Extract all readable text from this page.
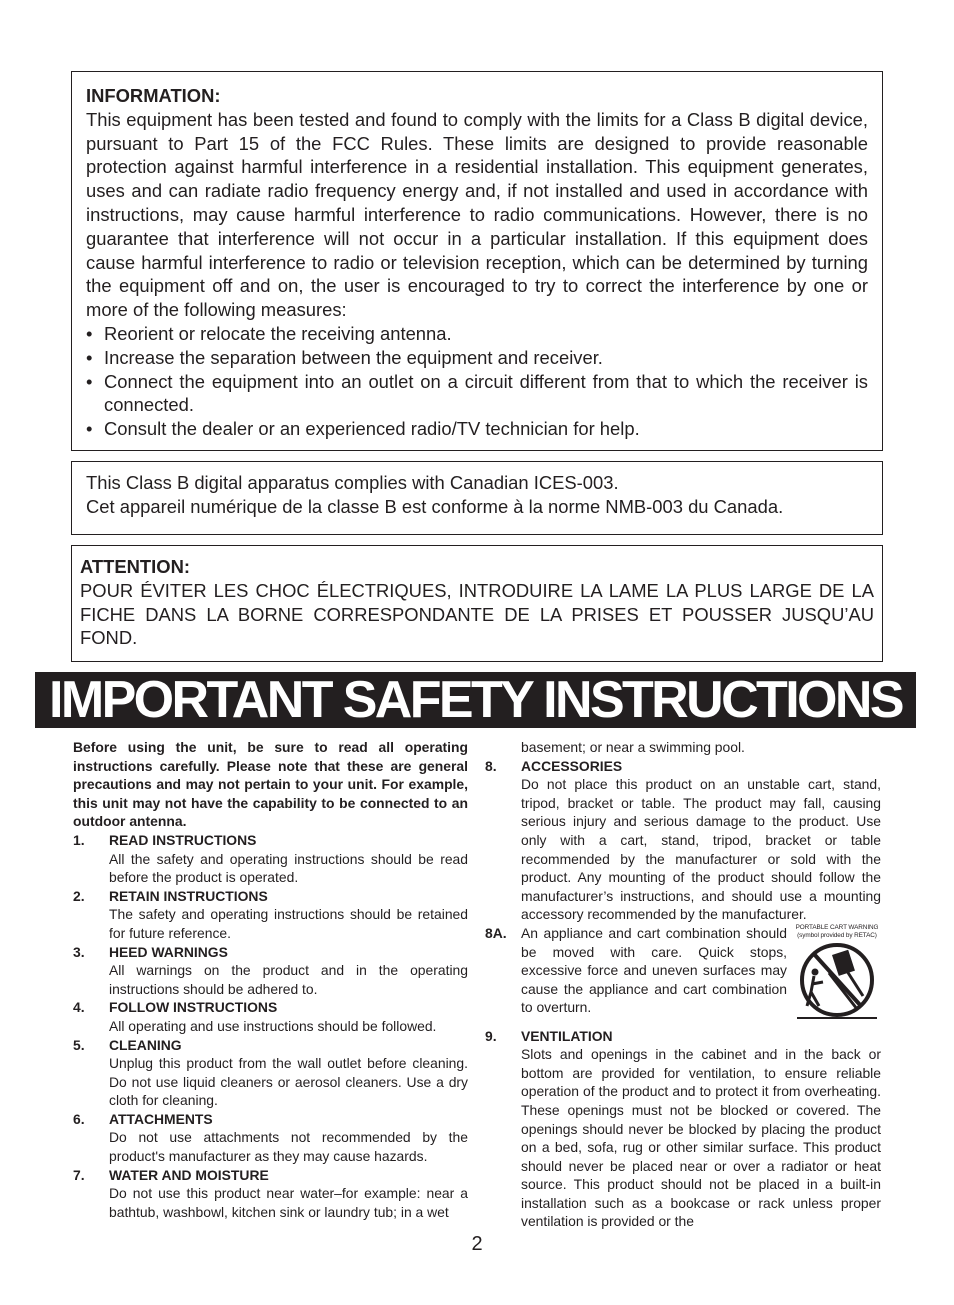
INFORMATION:
This equipment has been tested and found to comply with the limits for a Class B digital device, pursuant to Part 15 of the FCC Rules. These limits are designed to provide reasonable protection against harmful interference in a residential installation. This equipment generates, uses and can radiate radio frequency energy and, if not installed and used in accordance with instructions, may cause harmful interference to radio communications. However, there is no guarantee that interference will not occur in a particular installation. If this equipment does cause harmful interference to radio or television reception, which can be determined by turning the equipment off and on, the user is encouraged to try to correct the interference by one or more of the following measures:
• Reorient or relocate the receiving antenna.
• Increase the separation between the equipment and receiver.
• Connect the equipment into an outlet on a circuit different from that to which the receiver is connected.
• Consult the dealer or an experienced radio/TV technician for help.
This Class B digital apparatus complies with Canadian ICES-003.
Cet appareil numérique de la classe B est conforme à la norme NMB-003 du Canada.
ATTENTION:
POUR ÉVITER LES CHOC ÉLECTRIQUES, INTRODUIRE LA LAME LA PLUS LARGE DE LA FICHE DANS LA BORNE CORRESPONDANTE DE LA PRISES ET POUSSER JUSQU’AU FOND.
IMPORTANT SAFETY INSTRUCTIONS
Before using the unit, be sure to read all operating instructions carefully. Please note that these are general precautions and may not pertain to your unit. For example, this unit may not have the capability to be connected to an outdoor antenna.
1.	READ INSTRUCTIONS
All the safety and operating instructions should be read before the product is operated.
2.	RETAIN INSTRUCTIONS
The safety and operating instructions should be retained for future reference.
3.	HEED WARNINGS
All warnings on the product and in the operating instructions should be adhered to.
4.	FOLLOW INSTRUCTIONS
All operating and use instructions should be followed.
5.	CLEANING
Unplug this product from the wall outlet before cleaning. Do not use liquid cleaners or aerosol cleaners. Use a dry cloth for cleaning.
6.	ATTACHMENTS
Do not use attachments not recommended by the product's manufacturer as they may cause hazards.
7.	WATER AND MOISTURE
Do not use this product near water–for example: near a bathtub, washbowl, kitchen sink or laundry tub; in a wet
basement; or near a swimming pool.
8.	ACCESSORIES
Do not place this product on an unstable cart, stand, tripod, bracket or table. The product may fall, causing serious injury and serious damage to the product. Use only with a cart, stand, tripod, bracket or table recommended by the manufacturer or sold with the product. Any mounting of the product should follow the manufacturer’s instructions, and should use a mounting accessory recommended by the manufacturer.
8A.	PORTABLE CART WARNING
(symbol provided by RETAC)
An appliance and cart combination should be moved with care. Quick stops, excessive force and uneven surfaces may cause the appliance and cart combination to overturn.
9.	VENTILATION
Slots and openings in the cabinet and in the back or bottom are provided for ventilation, to ensure reliable operation of the product and to protect it from overheating. These openings must not be blocked or covered. The openings should never be blocked by placing the product on a bed, sofa, rug or other similar surface. This product should never be placed near or over a radiator or heat source. This product should not be placed in a built-in installation such as a bookcase or rack unless proper ventilation is provided or the
2
